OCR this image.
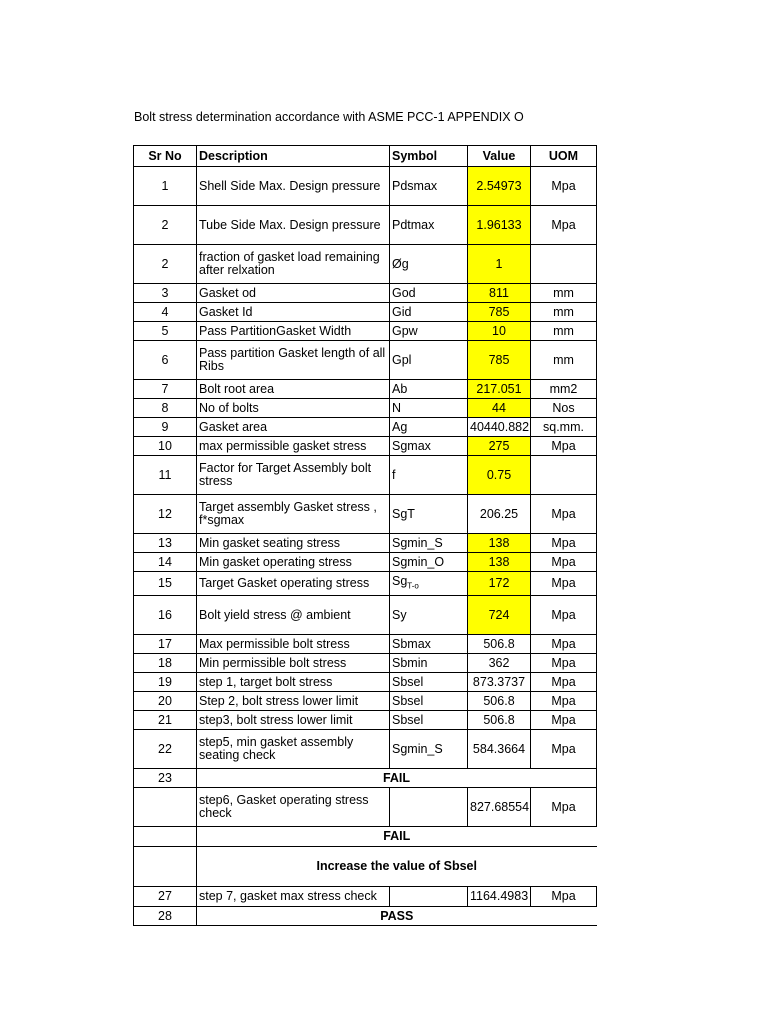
Bolt stress determination accordance with ASME PCC-1 APPENDIX O
Sr No	Description	Symbol	Value	UOM
1	Shell Side Max. Design pressure	Pdsmax	2.54973	Mpa
2	Tube Side Max. Design pressure	Pdtmax	1.96133	Mpa
2	fraction of gasket load remaining after relxation	Øg	1	
3	Gasket od	God	811	mm
4	Gasket Id	Gid	785	mm
5	Pass PartitionGasket Width	Gpw	10	mm
6	Pass partition Gasket length of all Ribs	Gpl	785	mm
7	Bolt root area	Ab	217.051	mm2
8	No of bolts	N	44	Nos
9	Gasket area	Ag	40440.882	sq.mm.
10	max permissible gasket stress	Sgmax	275	Mpa
11	Factor for Target Assembly bolt stress	f	0.75	
12	Target assembly Gasket stress , f*sgmax	SgT	206.25	Mpa
13	Min gasket seating stress	Sgmin_S	138	Mpa
14	Min gasket operating stress	Sgmin_O	138	Mpa
15	Target Gasket operating stress	$Sg_{T-o}$	172	Mpa
16	Bolt yield stress @ ambient	Sy	724	Mpa
17	Max permissible bolt stress	Sbmax	506.8	Mpa
18	Min permissible bolt stress	Sbmin	362	Mpa
19	step 1, target bolt stress	Sbsel	873.3737	Mpa
20	Step 2, bolt stress lower limit	Sbsel	506.8	Mpa
21	step3, bolt stress lower limit	Sbsel	506.8	Mpa
22	step5, min gasket assembly seating check	Sgmin_S	584.3664	Mpa
23	FAIL			
	step6, Gasket operating stress check		827.68554	Mpa
	FAIL			
	Increase the value of Sbsel			
27	step 7, gasket max stress check		1164.4983	Mpa
28	PASS			
